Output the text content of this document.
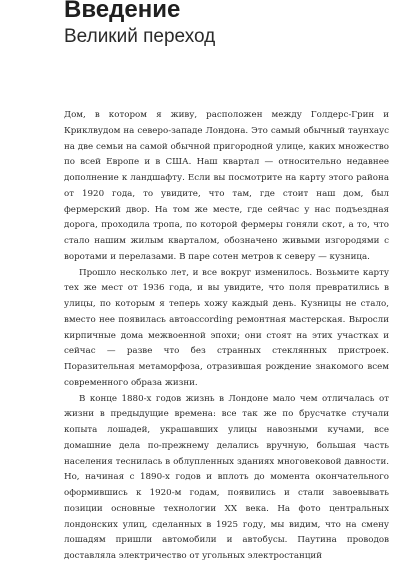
Введение
Великий переход

Дом, в котором я живу, расположен между Голдерс-Грин и Криклвудом на северо-западе Лондона. Это самый обычный таунхаус на две семьи на самой обычной пригородной улице, каких множество по всей Европе и в США. Наш квартал — относительно недавнее дополнение к ландшафту. Если вы посмотрите на карту этого района от 1920 года, то увидите, что там, где стоит наш дом, был фермерский двор. На том же месте, где сейчас у нас подъездная дорога, проходила тропа, по которой фермеры гоняли скот, а то, что стало нашим жилым кварталом, обозначено живыми изгородями с воротами и перелазами. В паре сотен метров к северу — кузница.

Прошло несколько лет, и все вокруг изменилось. Возьмите карту тех же мест от 1936 года, и вы увидите, что поля превратились в улицы, по которым я теперь хожу каждый день. Кузницы не стало, вместо нее появилась автоaccording ремонтная мастерская. Выросли кирпичные дома межвоенной эпохи; они стоят на этих участках и сейчас — разве что без странных стеклянных пристроек. Поразительная метаморфоза, отразившая рождение знакомого всем современного образа жизни.

В конце 1880-х годов жизнь в Лондоне мало чем отличалась от жизни в предыдущие времена: все так же по брусчатке стучали копыта лошадей, украшавших улицы навозными кучами, все домашние дела по-прежнему делались вручную, большая часть населения теснилась в облупленных зданиях многовековой давности. Но, начиная с 1890-х годов и вплоть до момента окончательного оформившись к 1920-м годам, появились и стали завоевывать позиции основные технологии XX века. На фото центральных лондонских улиц, сделанных в 1925 году, мы видим, что на смену лошадям пришли автомобили и автобусы. Паутина проводов доставляла электричество от угольных электростанций
